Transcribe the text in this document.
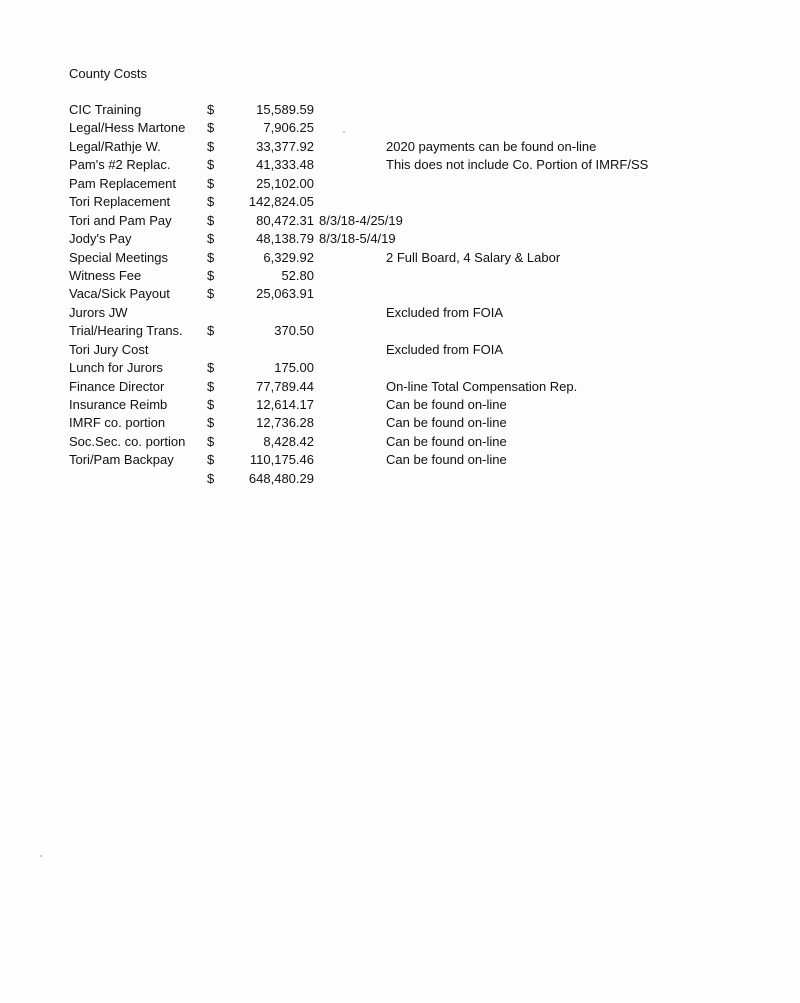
County Costs
CIC Training	$	15,589.59
Legal/Hess Martone $	7,906.25
Legal/Rathje W.	$	33,377.92	2020 payments can be found on-line
Pam's #2 Replac.	$	41,333.48	This does not include Co. Portion of IMRF/SS
Pam Replacement $	25,102.00
Tori Replacement	$	142,824.05
Tori and Pam Pay	$	80,472.31 8/3/18-4/25/19
Jody's Pay	$	48,138.79 8/3/18-5/4/19
Special Meetings	$	6,329.92	2 Full Board, 4 Salary & Labor
Witness Fee	$	52.80
Vaca/Sick Payout	$	25,063.91
Jurors JW	Excluded from FOIA
Trial/Hearing Trans. $	370.50
Tori Jury Cost	Excluded from FOIA
Lunch for Jurors	$	175.00
Finance Director	$	77,789.44	On-line Total Compensation Rep.
Insurance Reimb	$	12,614.17	Can be found on-line
IMRF co. portion	$	12,736.28	Can be found on-line
Soc.Sec. co. portion $	8,428.42	Can be found on-line
Tori/Pam Backpay	$	110,175.46	Can be found on-line
$	648,480.29
